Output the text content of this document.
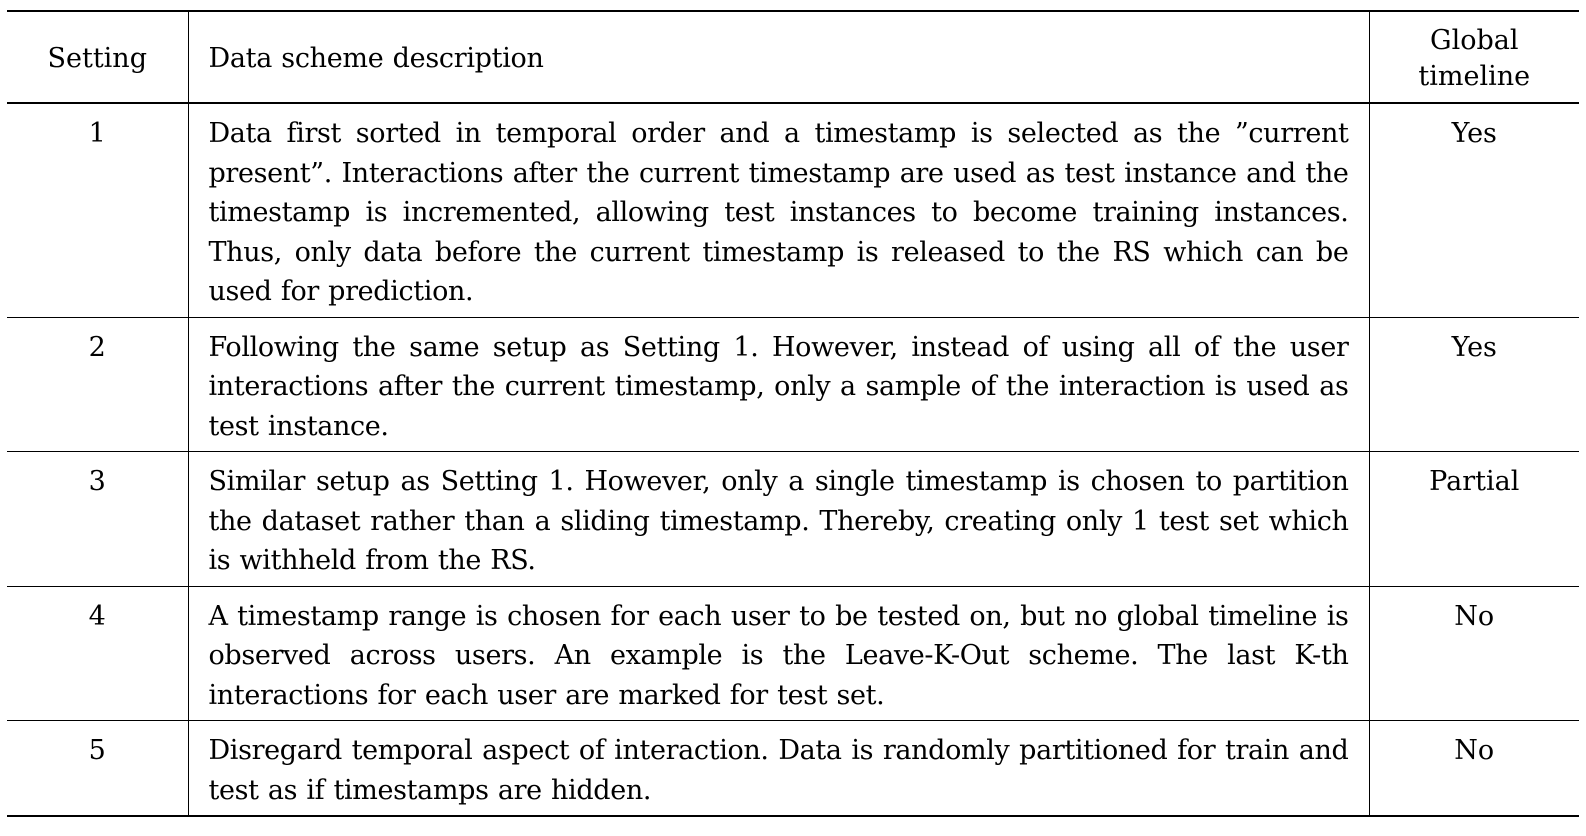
Setting	Data scheme description	Global
timeline

1	Data first sorted in temporal order and a timestamp is selected as the ”current present”. Interactions after the current timestamp are used as test instance and the timestamp is incremented, allowing test instances to become training instances. Thus, only data before the current timestamp is released to the RS which can be used for prediction.	Yes
2	Following the same setup as Setting 1. However, instead of using all of the user interactions after the current timestamp, only a sample of the interaction is used as test instance.	Yes
3	Similar setup as Setting 1. However, only a single timestamp is chosen to partition the dataset rather than a sliding timestamp. Thereby, creating only 1 test set which is withheld from the RS.	Partial
4	A timestamp range is chosen for each user to be tested on, but no global timeline is observed across users. An example is the Leave-K-Out scheme. The last K-th interactions for each user are marked for test set.	No
5	Disregard temporal aspect of interaction. Data is randomly partitioned for train and test as if timestamps are hidden.	No
